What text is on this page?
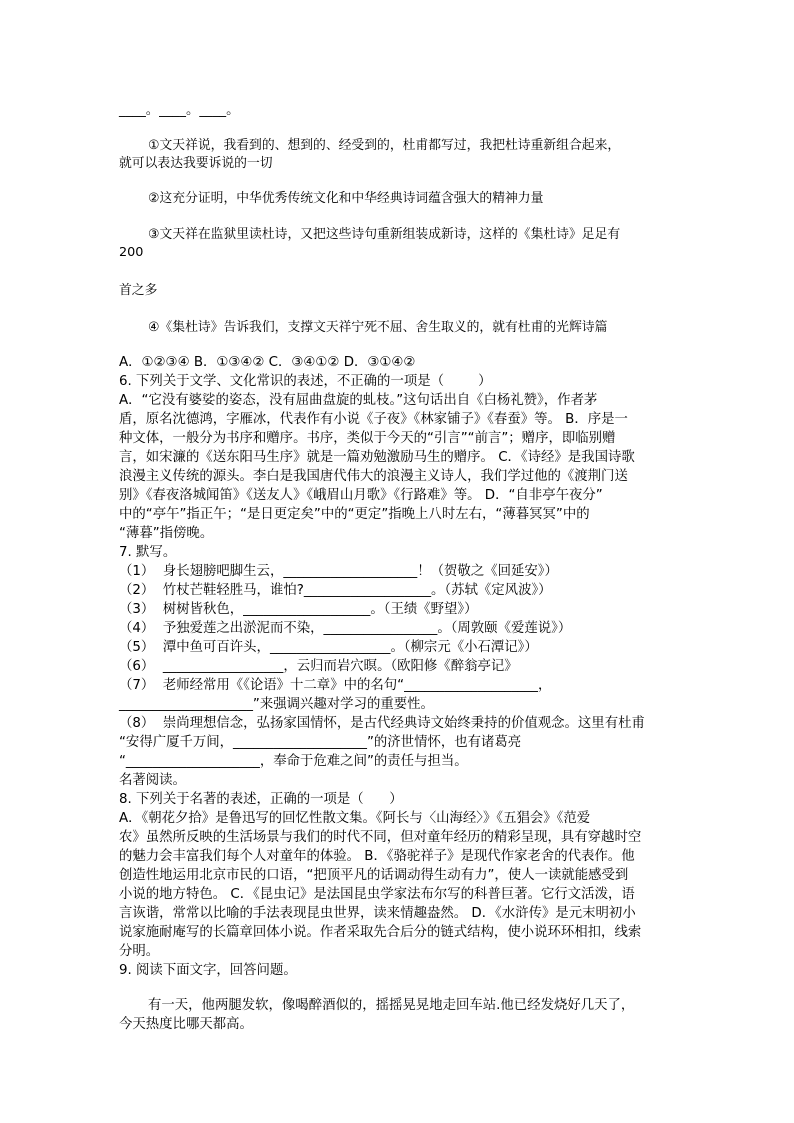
____。____。____。
①文天祥说，我看到的、想到的、经受到的，杜甫都写过，我把杜诗重新组合起来，
就可以表达我要诉说的一切
②这充分证明，中华优秀传统文化和中华经典诗词蕴含强大的精神力量
③文天祥在监狱里读杜诗，又把这些诗句重新组装成新诗，这样的《集杜诗》足足有
200
首之多
④《集杜诗》告诉我们，支撑文天祥宁死不屈、舍生取义的，就有杜甫的光辉诗篇
A．①②③④ B．①③④② C．③④①② D．③①④②
6. 下列关于文学、文化常识的表述，不正确的一项是（        ）
A．“它没有婆娑的姿态，没有屈曲盘旋的虬枝。”这句话出自《白杨礼赞》，作者茅
盾，原名沈德鸿，字雁冰，代表作有小说《子夜》《林家铺子》《春蚕》等。 B．序是一
种文体，一般分为书序和赠序。书序，类似于今天的“引言”“前言”；赠序，即临别赠
言，如宋濂的《送东阳马生序》就是一篇劝勉激励马生的赠序。 C．《诗经》是我国诗歌
浪漫主义传统的源头。李白是我国唐代伟大的浪漫主义诗人，我们学过他的《渡荆门送
别》《春夜洛城闻笛》《送友人》《峨眉山月歌》《行路难》等。 D．“自非亭午夜分”
中的“亭午”指正午；“是日更定矣”中的“更定”指晚上八时左右，“薄暮冥冥”中的
“薄暮”指傍晚。
7. 默写。
（1）  身长翅膀吧脚生云，____________________！（贺敬之《回延安》）
（2）  竹杖芒鞋轻胜马，谁怕?___________________。（苏轼《定风波》）
（3）  树树皆秋色，___________________。（王绩《野望》）
（4）  予独爱莲之出淤泥而不染，_________________。（周敦颐《爱莲说》）
（5）  潭中鱼可百许头，__________________。（柳宗元《小石潭记》）
（6）  __________________，云归而岩穴暝。（欧阳修《醉翁亭记》
（7）  老师经常用《《论语》十二章》中的名句“____________________，
____________________”来强调兴趣对学习的重要性。
（8）  崇尚理想信念，弘扬家国情怀，是古代经典诗文始终秉持的价值观念。这里有杜甫
“安得广厦千万间，____________________”的济世情怀，也有诸葛亮
“____________________，奉命于危难之间”的责任与担当。
名著阅读。
8. 下列关于名著的表述，正确的一项是（      ）
A．《朝花夕拾》是鲁迅写的回忆性散文集。《阿长与〈山海经〉》《五猖会》《范爱
农》虽然所反映的生活场景与我们的时代不同，但对童年经历的精彩呈现，具有穿越时空
的魅力会丰富我们每个人对童年的体验。 B．《骆驼祥子》是现代作家老舍的代表作。他
创造性地运用北京市民的口语，“把顶平凡的话调动得生动有力”，使人一读就能感受到
小说的地方特色。 C．《昆虫记》是法国昆虫学家法布尔写的科普巨著。它行文活泼，语
言诙谐，常常以比喻的手法表现昆虫世界，读来情趣盎然。 D．《水浒传》是元末明初小
说家施耐庵写的长篇章回体小说。作者采取先合后分的链式结构，使小说环环相扣，线索
分明。
9. 阅读下面文字，回答问题。
有一天，他两腿发软，像喝醉酒似的，摇摇晃晃地走回车站.他已经发烧好几天了，
今天热度比哪天都高。
